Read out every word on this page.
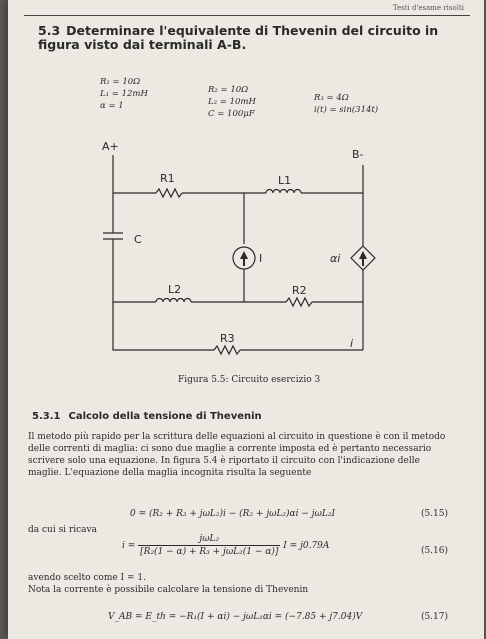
Testi d'esame risolti
5.3 Determinare l'equivalente di Thevenin del circuito in figura visto dai terminali A-B.
R₁ = 10Ω
L₁ = 12mH
α = 1
R₂ = 10Ω
L₂ = 10mH
C = 100μF
R₃ = 4Ω
i(t) = sin(314t)
A+
B-
R1	L1
C
I	αi
L2	R2
R3	i
Figura 5.5: Circuito esercizio 3
5.3.1 Calcolo della tensione di Thevenin
Il metodo più rapido per la scrittura delle equazioni al circuito in questione è con il metodo delle correnti di maglia: ci sono due maglie a corrente imposta ed è pertanto necessario scrivere solo una equazione. In figura 5.4 è riportato il circuito con l'indicazione delle maglie. L'equazione della maglia incognita risulta la seguente
0 = (R₂ + R₃ + jωL₂)i − (R₂ + jωL₂)αi − jωL₂I	(5.15)
da cui si ricava
$i = \frac{\text{jωL₂}}{\text{[R₂(1 − α) + R₃ + jωL₂(1 − α)]}}$ I = j0.79A	(5.16)
avendo scelto come I = 1.
Nota la corrente è possibile calcolare la tensione di Thevenin
V_AB = E_th = −R₁(I + αi) − jωL₁αi = (−7.85 + j7.04)V	(5.17)
